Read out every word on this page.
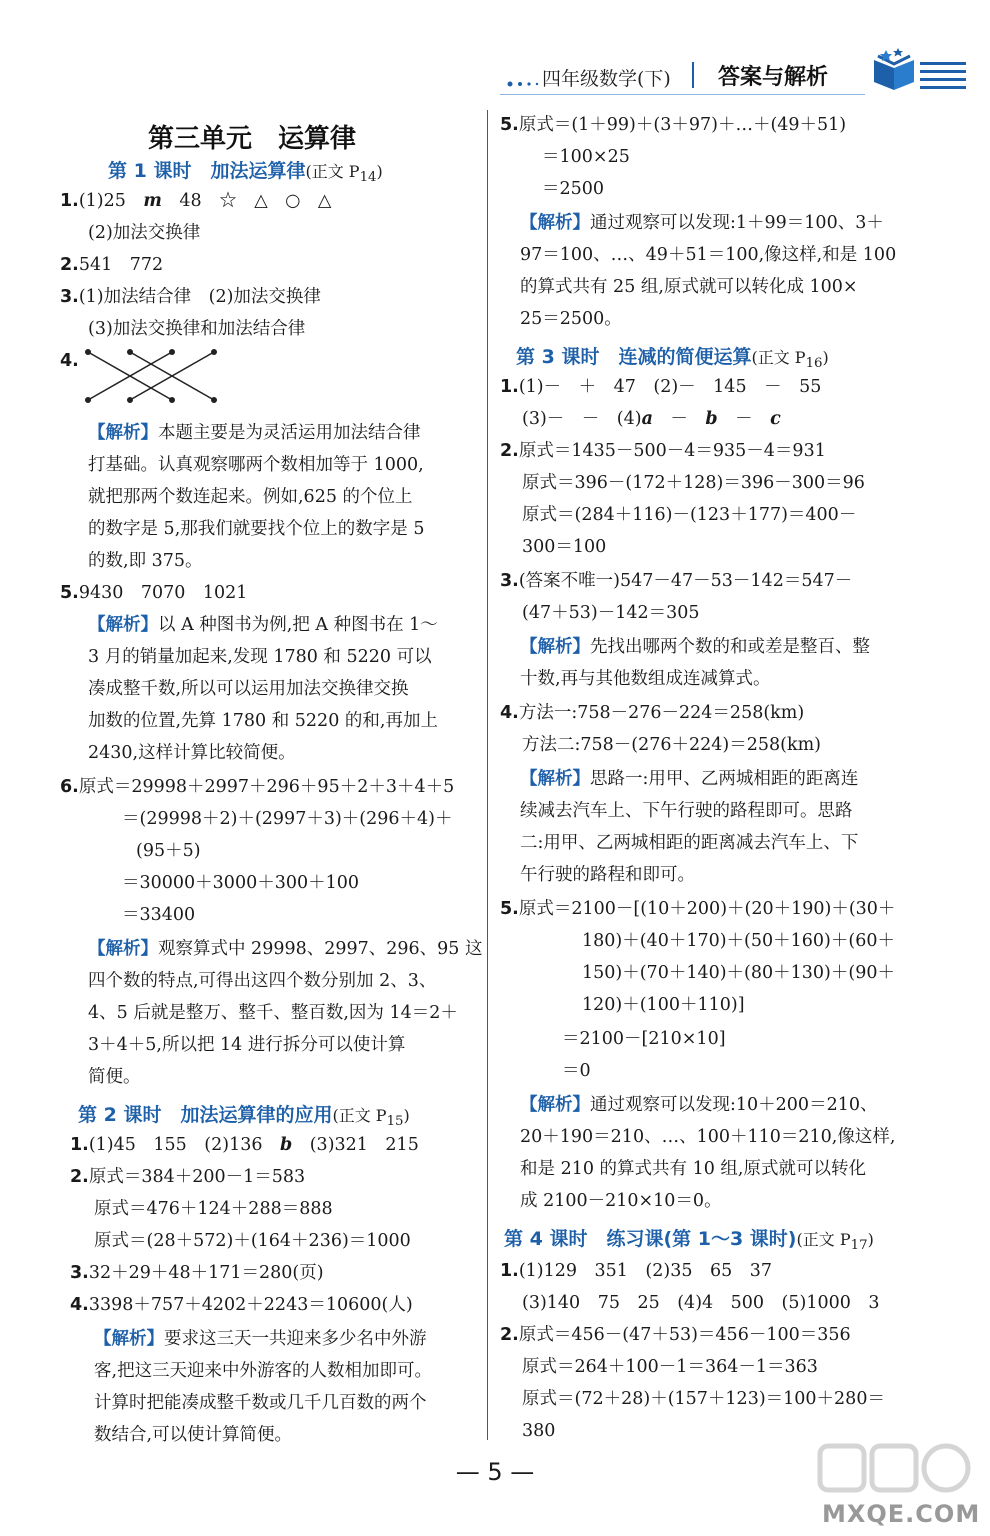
四年级数学(下) 答案与解析
第三单元　运算律
第 1 课时　加法运算律(正文 $P_{14}$)
1.(1)25　 m　 48　☆　△　○　△
(2)加法交换律
2.541　772
3.(1)加法结合律　(2)加法交换律
(3)加法交换律和加法结合律
4.
【解析】本题主要是为灵活运用加法结合律
打基础。认真观察哪两个数相加等于 1000,
就把那两个数连起来。例如,625 的个位上
的数字是 5,那我们就要找个位上的数字是 5
的数,即 375。
5.9430　7070　1021
【解析】以 A 种图书为例,把 A 种图书在 1～
3 月的销量加起来,发现 1780 和 5220 可以
凑成整千数,所以可以运用加法交换律交换
加数的位置,先算 1780 和 5220 的和,再加上
2430,这样计算比较简便。
6.原式＝29998＋2997＋296＋95＋2＋3＋4＋5
＝(29998＋2)＋(2997＋3)＋(296＋4)＋
(95＋5)
＝30000＋3000＋300＋100
＝33400
【解析】观察算式中 29998、2997、296、95 这
四个数的特点,可得出这四个数分别加 2、3、
4、5 后就是整万、整千、整百数,因为 14＝2＋
3＋4＋5,所以把 14 进行拆分可以使计算
简便。
第 2 课时　加法运算律的应用(正文 $P_{15}$)
1.(1)45　155　(2)136　 b　 (3)321　215
2.原式＝384＋200－1＝583
原式＝476＋124＋288＝888
原式＝(28＋572)＋(164＋236)＝1000
3.32＋29＋48＋171＝280(页)
4.3398＋757＋4202＋2243＝10600(人)
【解析】要求这三天一共迎来多少名中外游
客,把这三天迎来中外游客的人数相加即可。
计算时把能凑成整千数或几千几百数的两个
数结合,可以使计算简便。
5.原式＝(1＋99)＋(3＋97)＋…＋(49＋51)
＝100×25
＝2500
【解析】通过观察可以发现:1＋99＝100、3＋
97＝100、…、49＋51＝100,像这样,和是 100
的算式共有 25 组,原式就可以转化成 100×
25＝2500。
第 3 课时　连减的简便运算(正文 $P_{16}$)
1.(1)－　＋　47　(2)－　145　－　55
(3)－　－　(4)a　 －　 b　 －　 c
2.原式＝1435－500－4＝935－4＝931
原式＝396－(172＋128)＝396－300＝96
原式＝(284＋116)－(123＋177)＝400－
300＝100
3.(答案不唯一)547－47－53－142＝547－
(47＋53)－142＝305
【解析】先找出哪两个数的和或差是整百、整
十数,再与其他数组成连减算式。
4.方法一:758－276－224＝258(km)
方法二:758－(276＋224)＝258(km)
【解析】思路一:用甲、乙两城相距的距离连
续减去汽车上、下午行驶的路程即可。思路
二:用甲、乙两城相距的距离减去汽车上、下
午行驶的路程和即可。
5.原式＝2100－[(10＋200)＋(20＋190)＋(30＋
180)＋(40＋170)＋(50＋160)＋(60＋
150)＋(70＋140)＋(80＋130)＋(90＋
120)＋(100＋110)]
＝2100－[210×10]
＝0
【解析】通过观察可以发现:10＋200＝210、
20＋190＝210、…、100＋110＝210,像这样,
和是 210 的算式共有 10 组,原式就可以转化
成 2100－210×10＝0。
第 4 课时　练习课(第 1～3 课时)(正文 $P_{17}$)
1.(1)129　351　(2)35　65　37
(3)140　75　25　(4)4　500　(5)1000　3
2.原式＝456－(47＋53)＝456－100＝356
原式＝264＋100－1＝364－1＝363
原式＝(72＋28)＋(157＋123)＝100＋280＝
380
— 5 —
MXQE.COM
